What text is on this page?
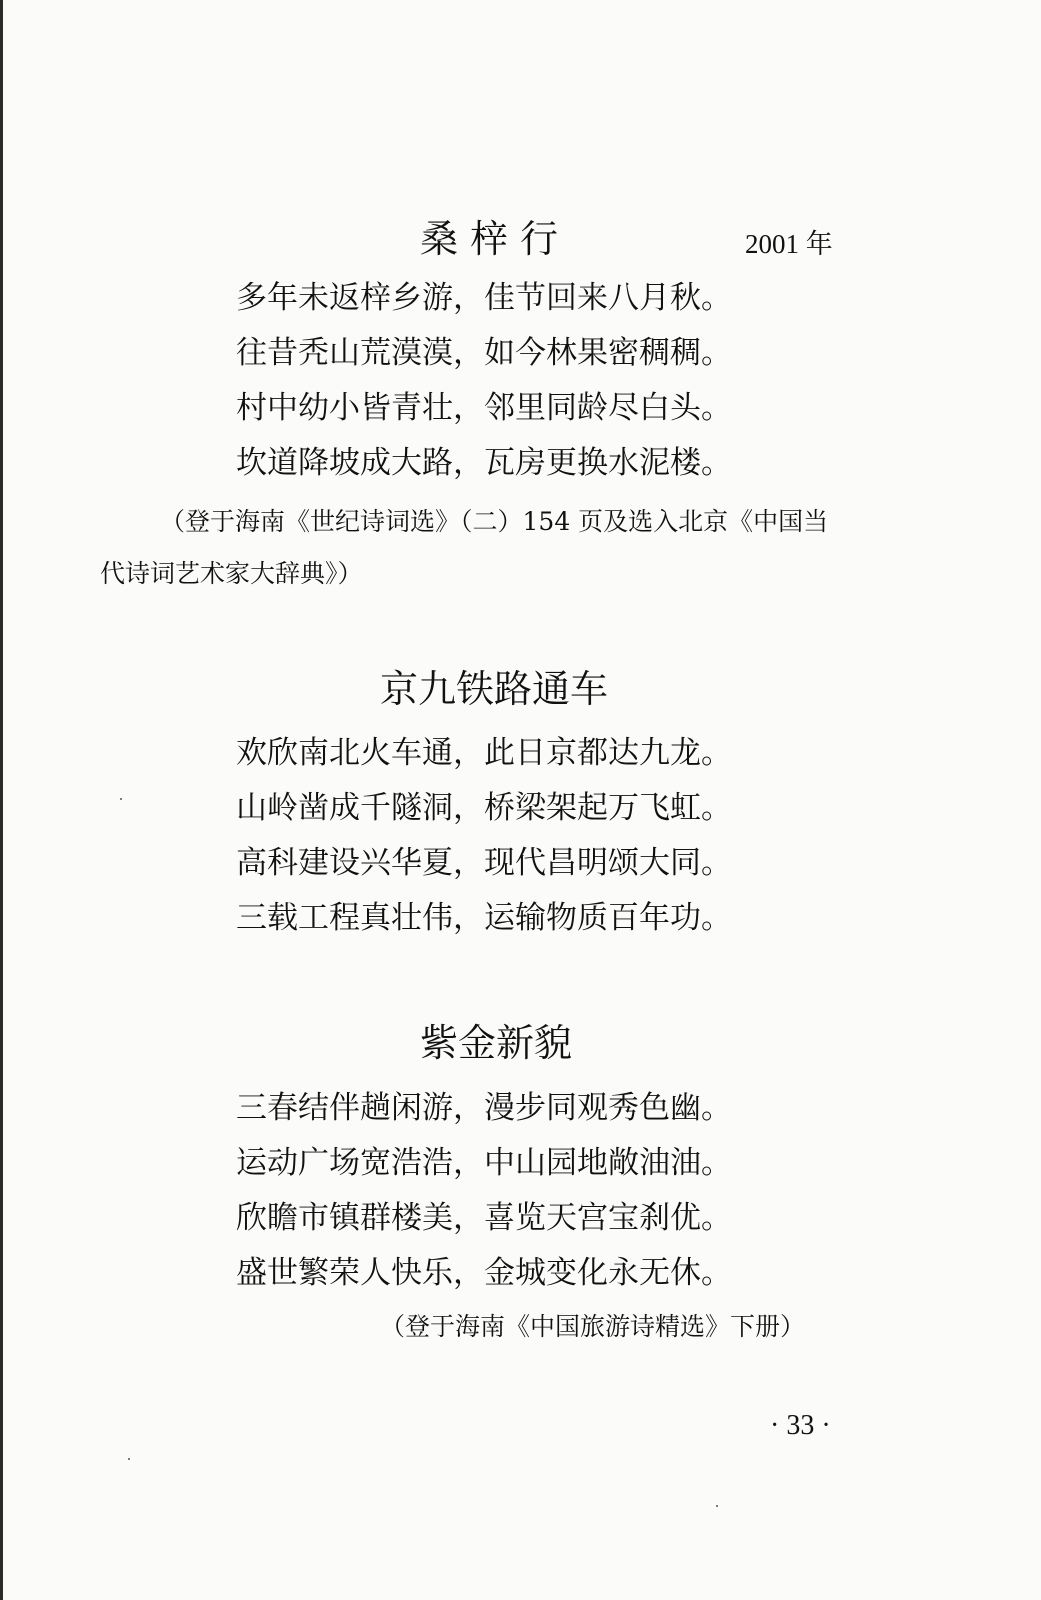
桑梓行	2001 年
多年未返梓乡游，佳节回来八月秋。
往昔秃山荒漠漠，如今林果密稠稠。
村中幼小皆青壮，邻里同龄尽白头。
坎道降坡成大路，瓦房更换水泥楼。
（登于海南《世纪诗词选》（二）154 页及选入北京《中国当
代诗词艺术家大辞典》）
京九铁路通车
欢欣南北火车通，此日京都达九龙。
山岭凿成千隧洞，桥梁架起万飞虹。
高科建设兴华夏，现代昌明颂大同。
三载工程真壮伟，运输物质百年功。
紫金新貌
三春结伴趟闲游，漫步同观秀色幽。
运动广场宽浩浩，中山园地敞油油。
欣瞻市镇群楼美，喜览天宫宝刹优。
盛世繁荣人快乐，金城变化永无休。
（登于海南《中国旅游诗精选》下册）
· 33 ·
